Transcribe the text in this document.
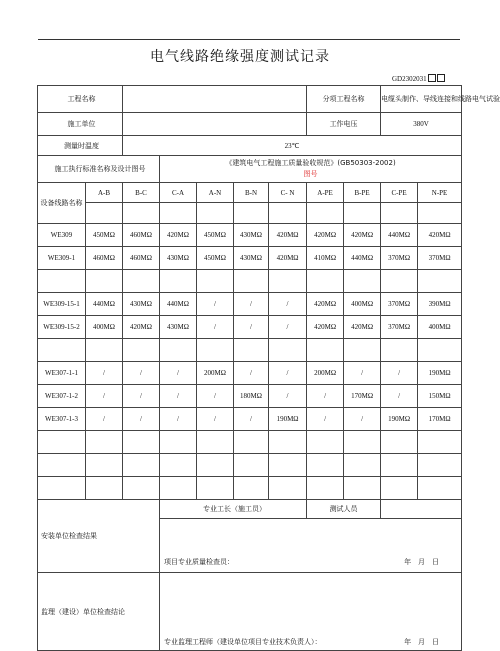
电气线路绝缘强度测试记录
GD2302031
工程名称							分项工程名称		电缆头制作、导线连接和线路电气试验	
施工单位							工作电压		380V	
测量时温度		23℃								
施工执行标准名称及设计图号			《建筑电气工程施工质量验收规范》(GB50303-2002)
图号							

设备线路名称	A-B	B-C	C-A	A-N	B-N	C- N	A-PE	B-PE	C-PE	N-PE

WE309	450MΩ	460MΩ	420MΩ	450MΩ	430MΩ	420MΩ	420MΩ	420MΩ	440MΩ	420MΩ
WE309-1	460MΩ	460MΩ	430MΩ	450MΩ	430MΩ	420MΩ	410MΩ	440MΩ	370MΩ	370MΩ

WE309-15-1	440MΩ	430MΩ	440MΩ	/	/	/	420MΩ	400MΩ	370MΩ	390MΩ
WE309-15-2	400MΩ	420MΩ	430MΩ	/	/	/	420MΩ	420MΩ	370MΩ	400MΩ

WE307-1-1	/	/	/	200MΩ	/	/	200MΩ	/	/	190MΩ
WE307-1-2	/	/	/	/	180MΩ	/	/	170MΩ	/	150MΩ
WE307-1-3	/	/	/	/	/	190MΩ	/	/	190MΩ	170MΩ

安装单位检查结果			专业工长（施工员）				测试人员			

			项目专业质量检查员： 年　月　日							

监理（建设）单位检查结论			专业监理工程师（建设单位项目专业技术负责人）： 年　月　日							
